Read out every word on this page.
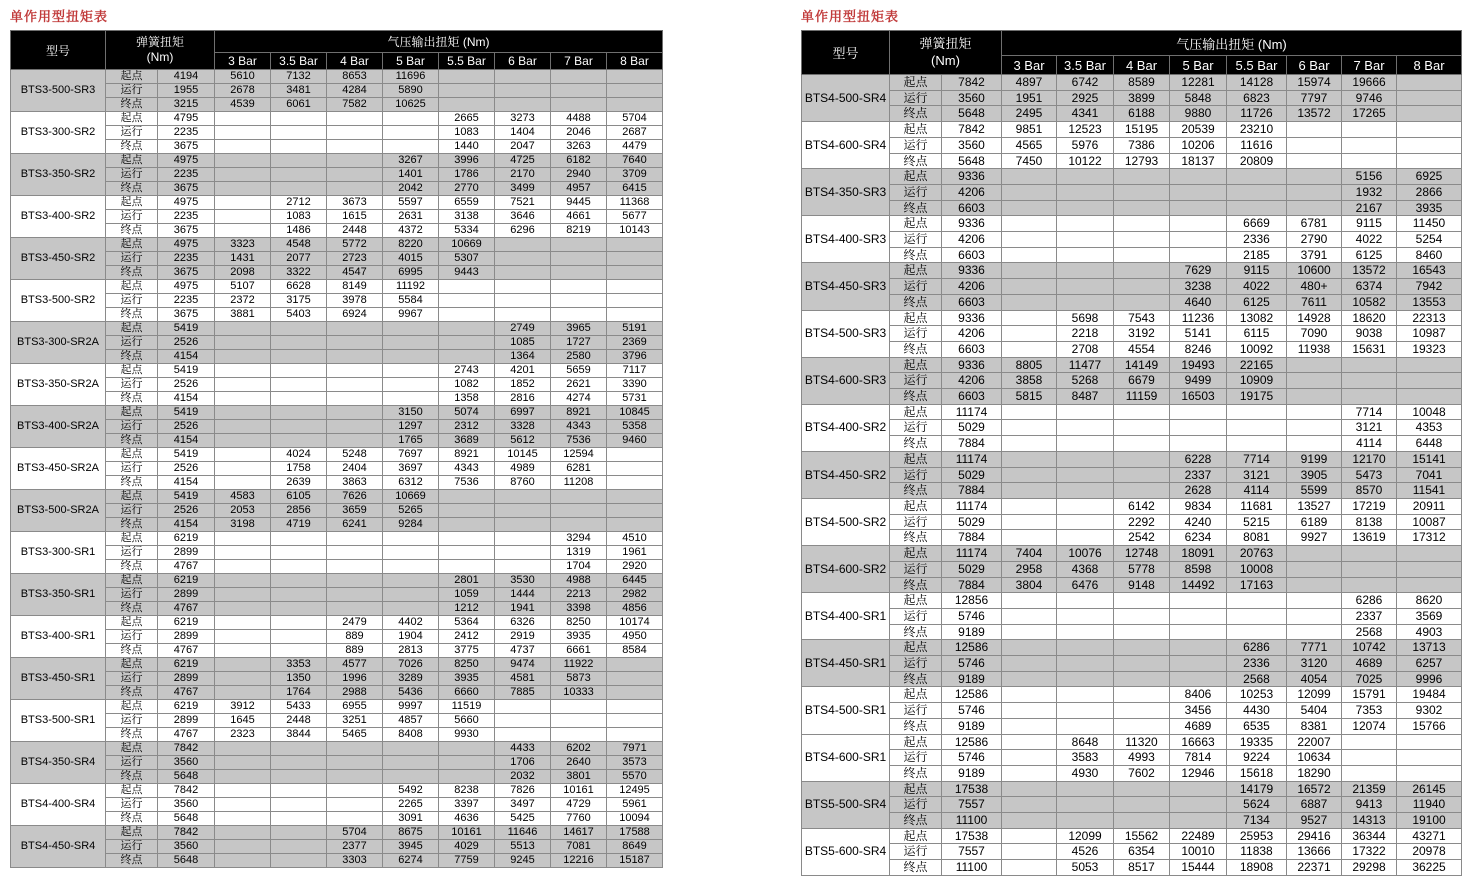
单作用型扭矩表
型号	弹簧扭矩
(Nm)		气压输出扭矩 (Nm)							
			3 Bar	3.5 Bar	4 Bar	5 Bar	5.5 Bar	6 Bar	7 Bar	8 Bar
BTS3-500-SR3	起点	4194	5610	7132	8653	11696				
	运行	1955	2678	3481	4284	5890				
	终点	3215	4539	6061	7582	10625				
BTS3-300-SR2	起点	4795					2665	3273	4488	5704
	运行	2235					1083	1404	2046	2687
	终点	3675					1440	2047	3263	4479
BTS3-350-SR2	起点	4975				3267	3996	4725	6182	7640
	运行	2235				1401	1786	2170	2940	3709
	终点	3675				2042	2770	3499	4957	6415
BTS3-400-SR2	起点	4975		2712	3673	5597	6559	7521	9445	11368
	运行	2235		1083	1615	2631	3138	3646	4661	5677
	终点	3675		1486	2448	4372	5334	6296	8219	10143
BTS3-450-SR2	起点	4975	3323	4548	5772	8220	10669			
	运行	2235	1431	2077	2723	4015	5307			
	终点	3675	2098	3322	4547	6995	9443			
BTS3-500-SR2	起点	4975	5107	6628	8149	11192				
	运行	2235	2372	3175	3978	5584				
	终点	3675	3881	5403	6924	9967				
BTS3-300-SR2A	起点	5419						2749	3965	5191
	运行	2526						1085	1727	2369
	终点	4154						1364	2580	3796
BTS3-350-SR2A	起点	5419					2743	4201	5659	7117
	运行	2526					1082	1852	2621	3390
	终点	4154					1358	2816	4274	5731
BTS3-400-SR2A	起点	5419				3150	5074	6997	8921	10845
	运行	2526				1297	2312	3328	4343	5358
	终点	4154				1765	3689	5612	7536	9460
BTS3-450-SR2A	起点	5419		4024	5248	7697	8921	10145	12594	
	运行	2526		1758	2404	3697	4343	4989	6281	
	终点	4154		2639	3863	6312	7536	8760	11208	
BTS3-500-SR2A	起点	5419	4583	6105	7626	10669				
	运行	2526	2053	2856	3659	5265				
	终点	4154	3198	4719	6241	9284				
BTS3-300-SR1	起点	6219							3294	4510
	运行	2899							1319	1961
	终点	4767							1704	2920
BTS3-350-SR1	起点	6219					2801	3530	4988	6445
	运行	2899					1059	1444	2213	2982
	终点	4767					1212	1941	3398	4856
BTS3-400-SR1	起点	6219			2479	4402	5364	6326	8250	10174
	运行	2899			889	1904	2412	2919	3935	4950
	终点	4767			889	2813	3775	4737	6661	8584
BTS3-450-SR1	起点	6219		3353	4577	7026	8250	9474	11922	
	运行	2899		1350	1996	3289	3935	4581	5873	
	终点	4767		1764	2988	5436	6660	7885	10333	
BTS3-500-SR1	起点	6219	3912	5433	6955	9997	11519			
	运行	2899	1645	2448	3251	4857	5660			
	终点	4767	2323	3844	5465	8408	9930			
BTS4-350-SR4	起点	7842						4433	6202	7971
	运行	3560						1706	2640	3573
	终点	5648						2032	3801	5570
BTS4-400-SR4	起点	7842				5492	8238	7826	10161	12495
	运行	3560				2265	3397	3497	4729	5961
	终点	5648				3091	4636	5425	7760	10094
BTS4-450-SR4	起点	7842			5704	8675	10161	11646	14617	17588
	运行	3560			2377	3945	4029	5513	7081	8649
	终点	5648			3303	6274	7759	9245	12216	15187
单作用型扭矩表
型号	弹簧扭矩
(Nm)		气压输出扭矩 (Nm)							
			3 Bar	3.5 Bar	4 Bar	5 Bar	5.5 Bar	6 Bar	7 Bar	8 Bar
BTS4-500-SR4	起点	7842	4897	6742	8589	12281	14128	15974	19666	
	运行	3560	1951	2925	3899	5848	6823	7797	9746	
	终点	5648	2495	4341	6188	9880	11726	13572	17265	
BTS4-600-SR4	起点	7842	9851	12523	15195	20539	23210			
	运行	3560	4565	5976	7386	10206	11616			
	终点	5648	7450	10122	12793	18137	20809			
BTS4-350-SR3	起点	9336							5156	6925
	运行	4206							1932	2866
	终点	6603							2167	3935
BTS4-400-SR3	起点	9336					6669	6781	9115	11450
	运行	4206					2336	2790	4022	5254
	终点	6603					2185	3791	6125	8460
BTS4-450-SR3	起点	9336				7629	9115	10600	13572	16543
	运行	4206				3238	4022	480+	6374	7942
	终点	6603				4640	6125	7611	10582	13553
BTS4-500-SR3	起点	9336		5698	7543	11236	13082	14928	18620	22313
	运行	4206		2218	3192	5141	6115	7090	9038	10987
	终点	6603		2708	4554	8246	10092	11938	15631	19323
BTS4-600-SR3	起点	9336	8805	11477	14149	19493	22165			
	运行	4206	3858	5268	6679	9499	10909			
	终点	6603	5815	8487	11159	16503	19175			
BTS4-400-SR2	起点	11174							7714	10048
	运行	5029							3121	4353
	终点	7884							4114	6448
BTS4-450-SR2	起点	11174				6228	7714	9199	12170	15141
	运行	5029				2337	3121	3905	5473	7041
	终点	7884				2628	4114	5599	8570	11541
BTS4-500-SR2	起点	11174			6142	9834	11681	13527	17219	20911
	运行	5029			2292	4240	5215	6189	8138	10087
	终点	7884			2542	6234	8081	9927	13619	17312
BTS4-600-SR2	起点	11174	7404	10076	12748	18091	20763			
	运行	5029	2958	4368	5778	8598	10008			
	终点	7884	3804	6476	9148	14492	17163			
BTS4-400-SR1	起点	12856							6286	8620
	运行	5746							2337	3569
	终点	9189							2568	4903
BTS4-450-SR1	起点	12586					6286	7771	10742	13713
	运行	5746					2336	3120	4689	6257
	终点	9189					2568	4054	7025	9996
BTS4-500-SR1	起点	12586				8406	10253	12099	15791	19484
	运行	5746				3456	4430	5404	7353	9302
	终点	9189				4689	6535	8381	12074	15766
BTS4-600-SR1	起点	12586		8648	11320	16663	19335	22007		
	运行	5746		3583	4993	7814	9224	10634		
	终点	9189		4930	7602	12946	15618	18290		
BTS5-500-SR4	起点	17538					14179	16572	21359	26145
	运行	7557					5624	6887	9413	11940
	终点	11100					7134	9527	14313	19100
BTS5-600-SR4	起点	17538		12099	15562	22489	25953	29416	36344	43271
	运行	7557		4526	6354	10010	11838	13666	17322	20978
	终点	11100		5053	8517	15444	18908	22371	29298	36225
